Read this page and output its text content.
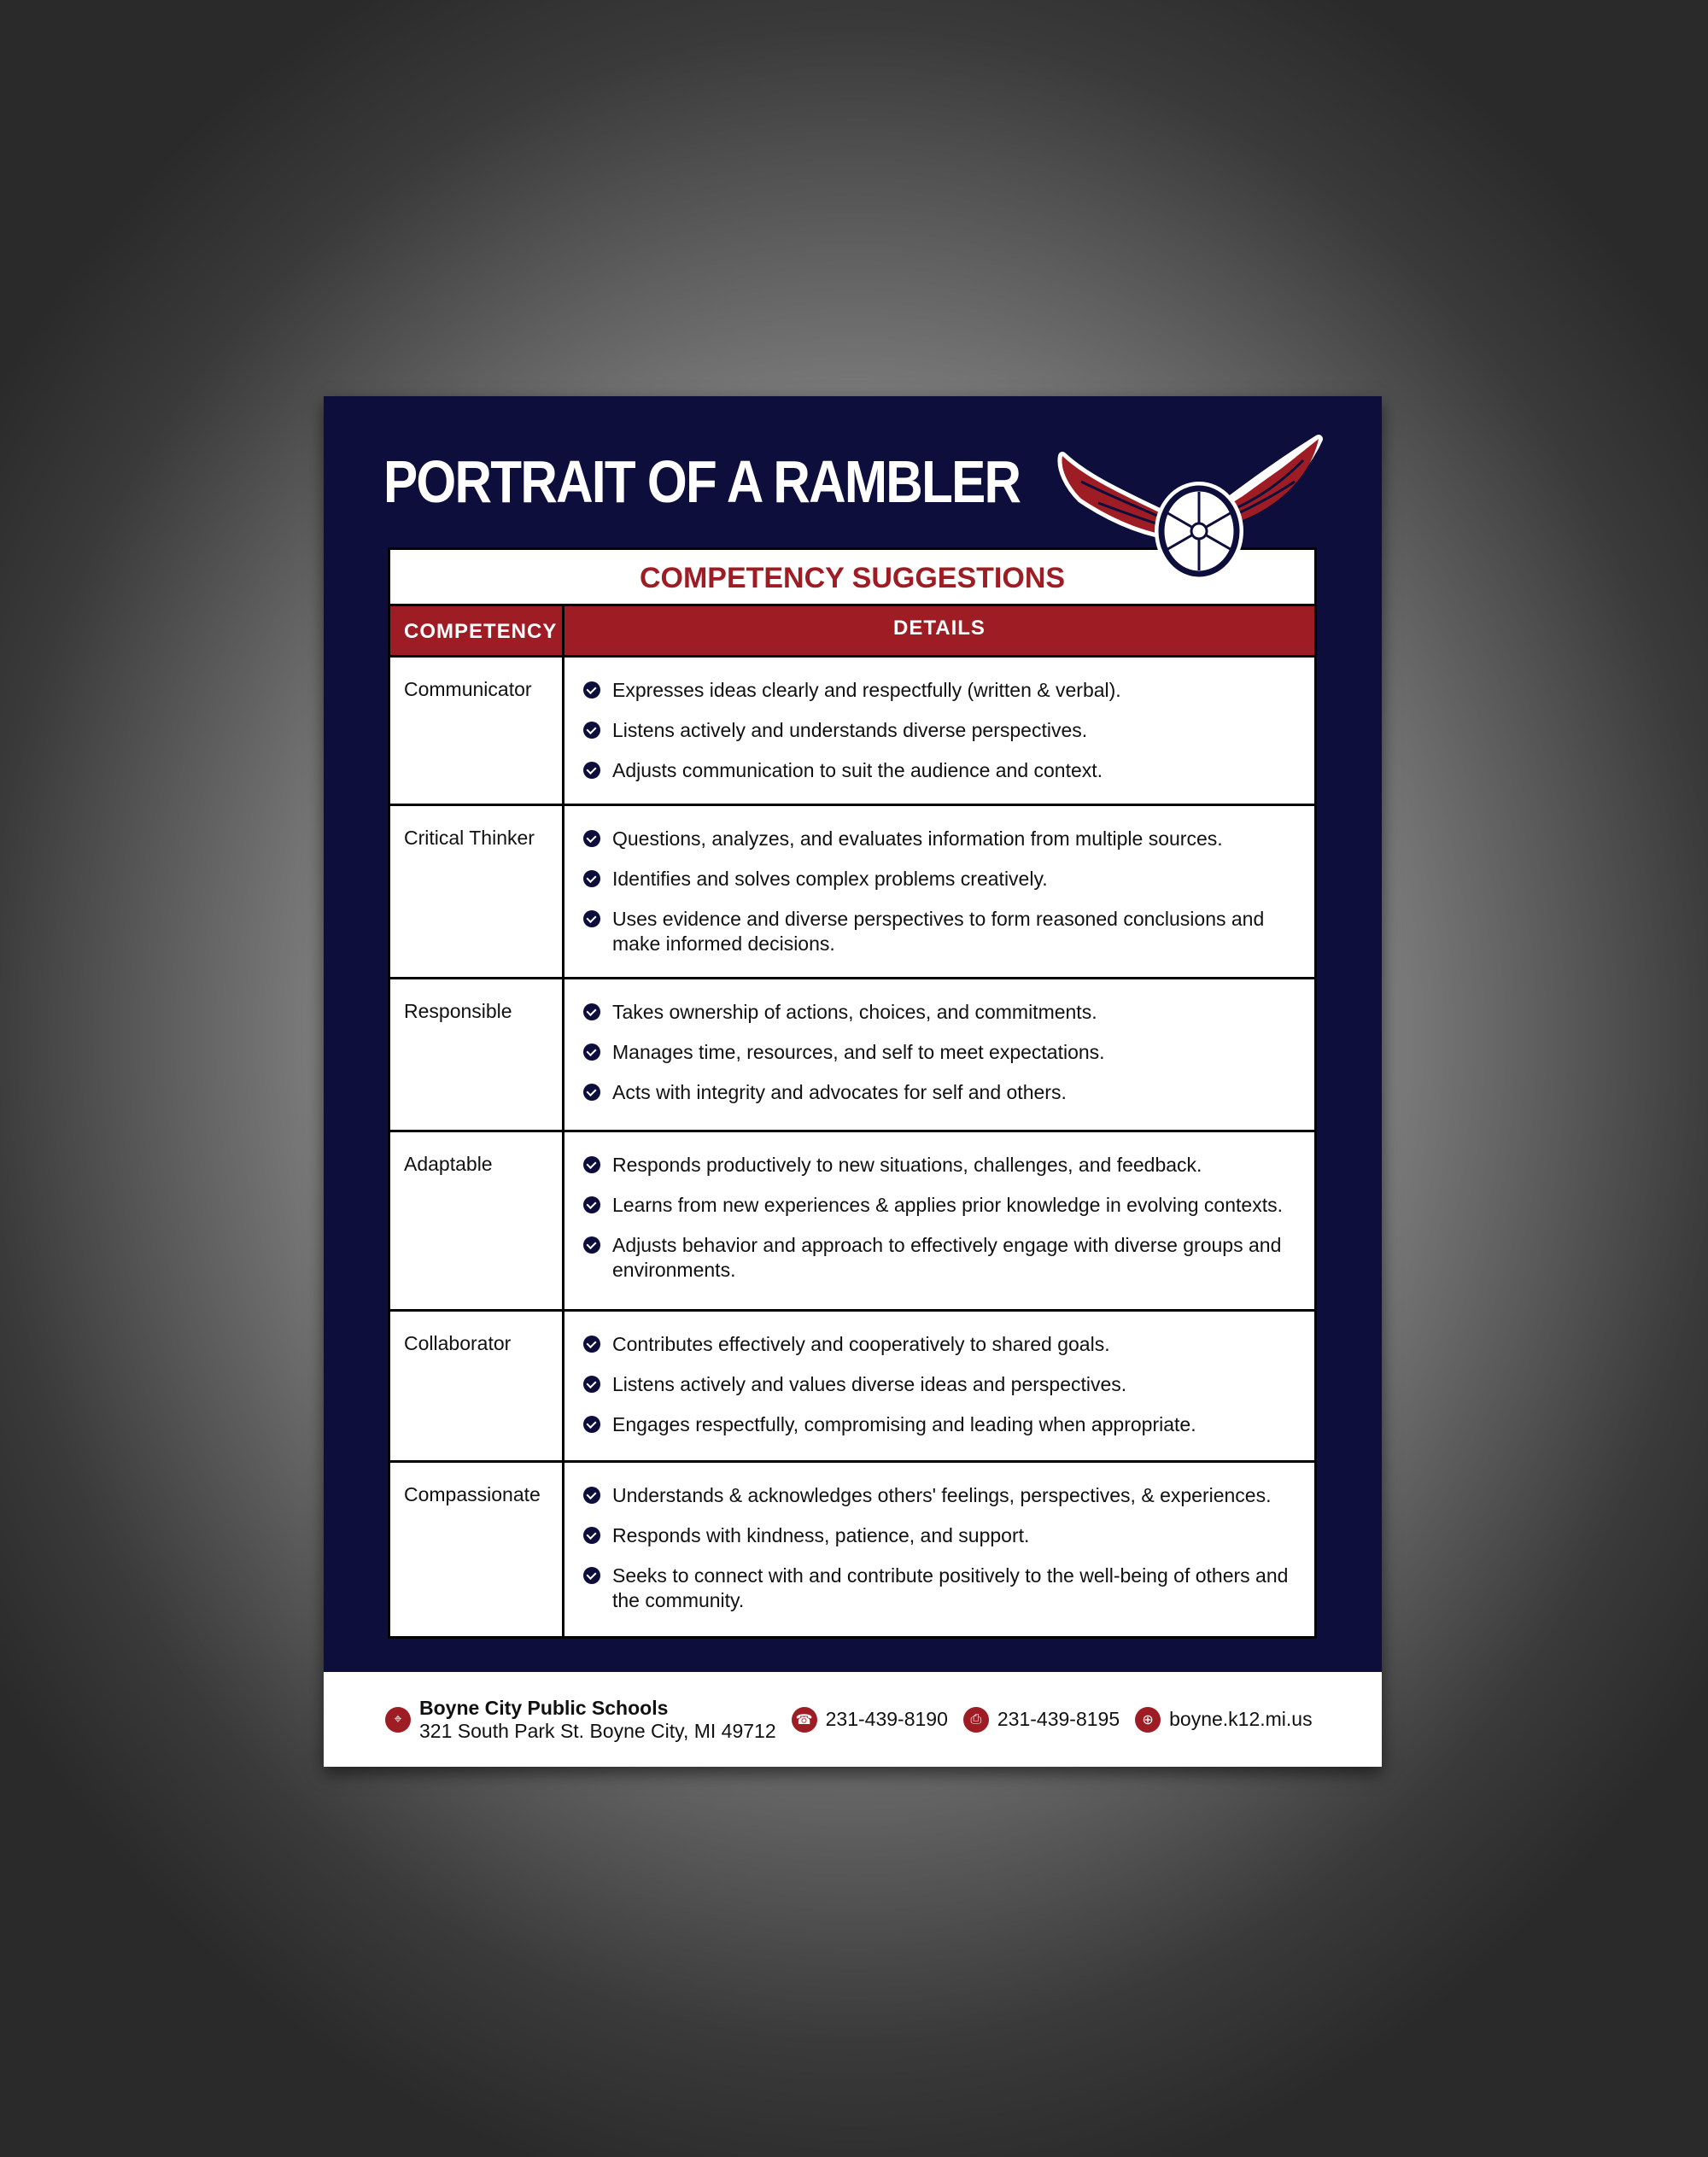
PORTRAIT OF A RAMBLER
COMPETENCY SUGGESTIONS
COMPETENCY	DETAILS
Communicator	Expresses ideas clearly and respectfully (written & verbal).
Listens actively and understands diverse perspectives.
Adjusts communication to suit the audience and context.
Critical Thinker	Questions, analyzes, and evaluates information from multiple sources.
Identifies and solves complex problems creatively.
Uses evidence and diverse perspectives to form reasoned conclusions and make informed decisions.
Responsible	Takes ownership of actions, choices, and commitments.
Manages time, resources, and self to meet expectations.
Acts with integrity and advocates for self and others.
Adaptable	Responds productively to new situations, challenges, and feedback.
Learns from new experiences & applies prior knowledge in evolving contexts.
Adjusts behavior and approach to effectively engage with diverse groups and environments.
Collaborator	Contributes effectively and cooperatively to shared goals.
Listens actively and values diverse ideas and perspectives.
Engages respectfully, compromising and leading when appropriate.
Compassionate	Understands & acknowledges others' feelings, perspectives, & experiences.
Responds with kindness, patience, and support.
Seeks to connect with and contribute positively to the well-being of others and the community.
⌖
Boyne City Public Schools
321 South Park St. Boyne City, MI 49712	☎ 231-439-8190	⎙ 231-439-8195	⊕ boyne.k12.mi.us
